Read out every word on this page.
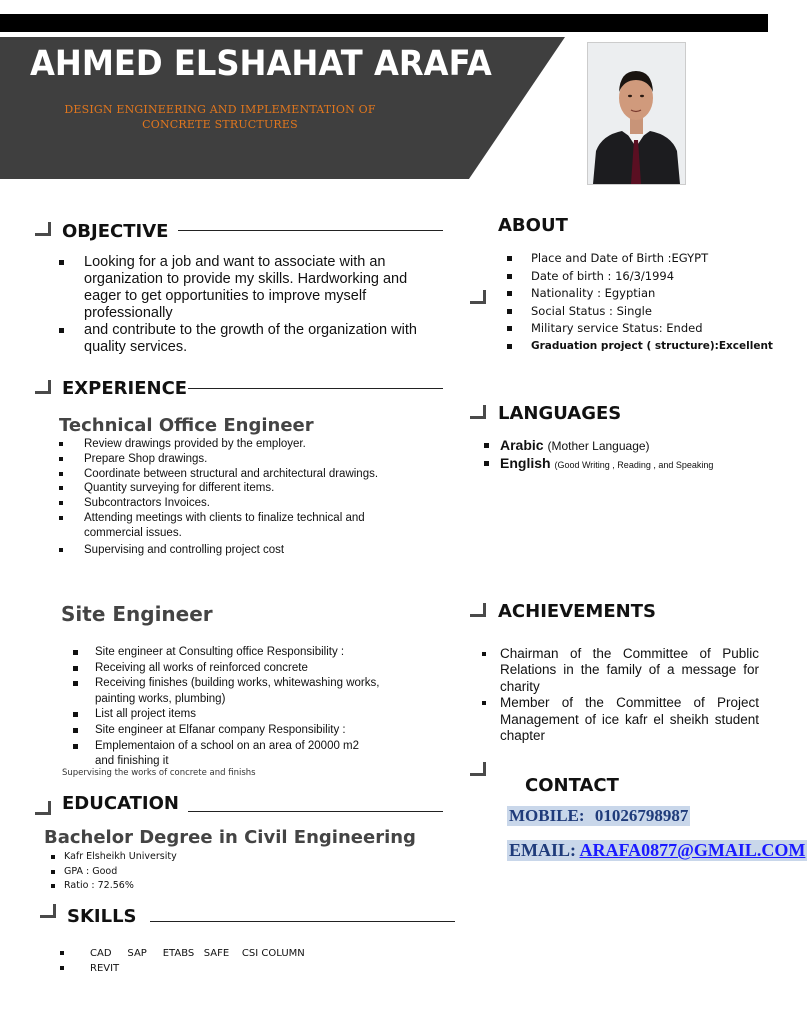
AHMED ELSHAHAT ARAFA
DESIGN ENGINEERING AND IMPLEMENTATION OF CONCRETE STRUCTURES
OBJECTIVE
Looking for a job and want to associate with an organization to provide my skills. Hardworking and eager to get opportunities to improve myself professionally
and contribute to the growth of the organization with quality services.
EXPERIENCE
Technical Office Engineer
Review drawings provided by the employer.
Prepare Shop drawings.
Coordinate between structural and architectural drawings.
Quantity surveying for different items.
Subcontractors Invoices.
Attending meetings with clients to finalize technical and commercial issues.
Supervising and controlling project cost
Site Engineer
Site engineer at Consulting office Responsibility :
Receiving all works of reinforced concrete
Receiving finishes (building works, whitewashing works, painting works, plumbing)
List all project items
Site engineer at Elfanar company Responsibility :
Emplementaion of a school on an area of 20000 m2 and finishing it
Supervising the works of concrete and finishs
EDUCATION
Bachelor Degree in Civil Engineering
Kafr Elsheikh University
GPA : Good
Ratio : 72.56%
SKILLS
CAD     SAP     ETABS   SAFE    CSI COLUMN
REVIT
ABOUT
Place and Date of Birth :EGYPT
Date of birth : 16/3/1994
Nationality : Egyptian
Social Status : Single
Military service Status: Ended
Graduation project ( structure):Excellent
LANGUAGES
Arabic (Mother Language)
English (Good Writing , Reading , and Speaking
ACHIEVEMENTS
Chairman of the Committee of Public Relations in the family of a message for charity
Member of the Committee of Project Management of ice kafr el sheikh student chapter
CONTACT
MOBILE: 01026798987
EMAIL: ARAFA0877@GMAIL.COM
